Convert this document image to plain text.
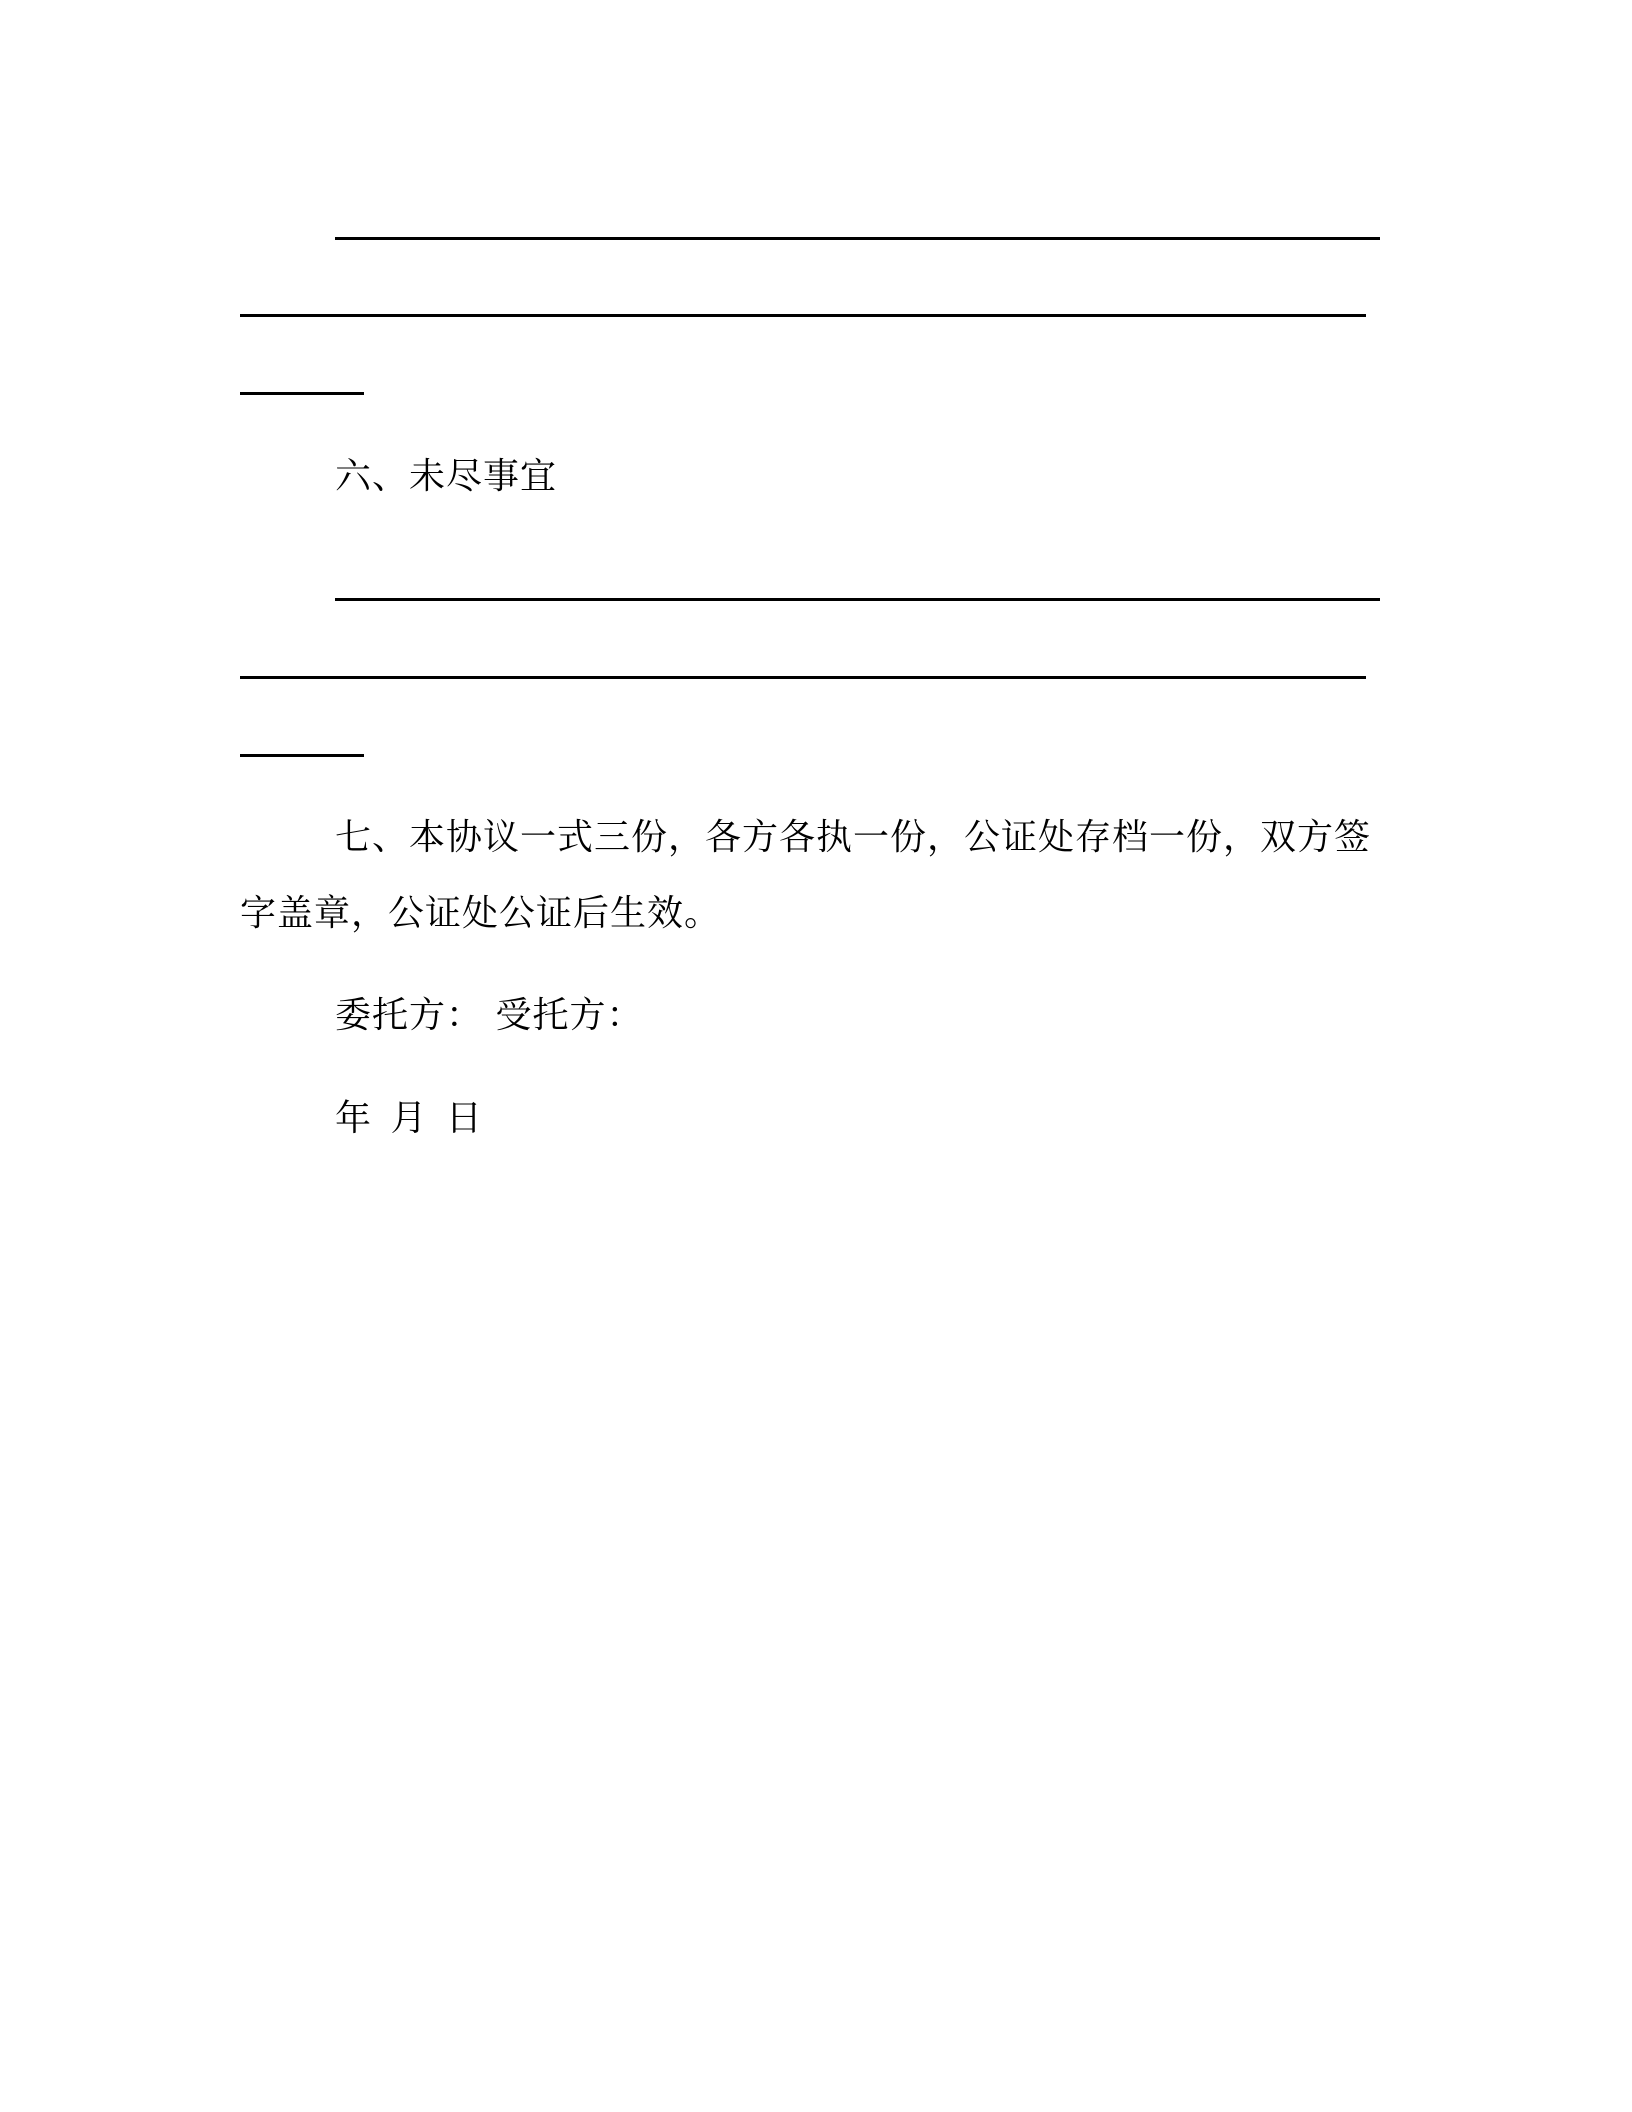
六、未尽事宜
七、本协议一式三份，各方各执一份，公证处存档一份，双方签
字盖章，公证处公证后生效。
委托方： 受托方：
年 月 日
